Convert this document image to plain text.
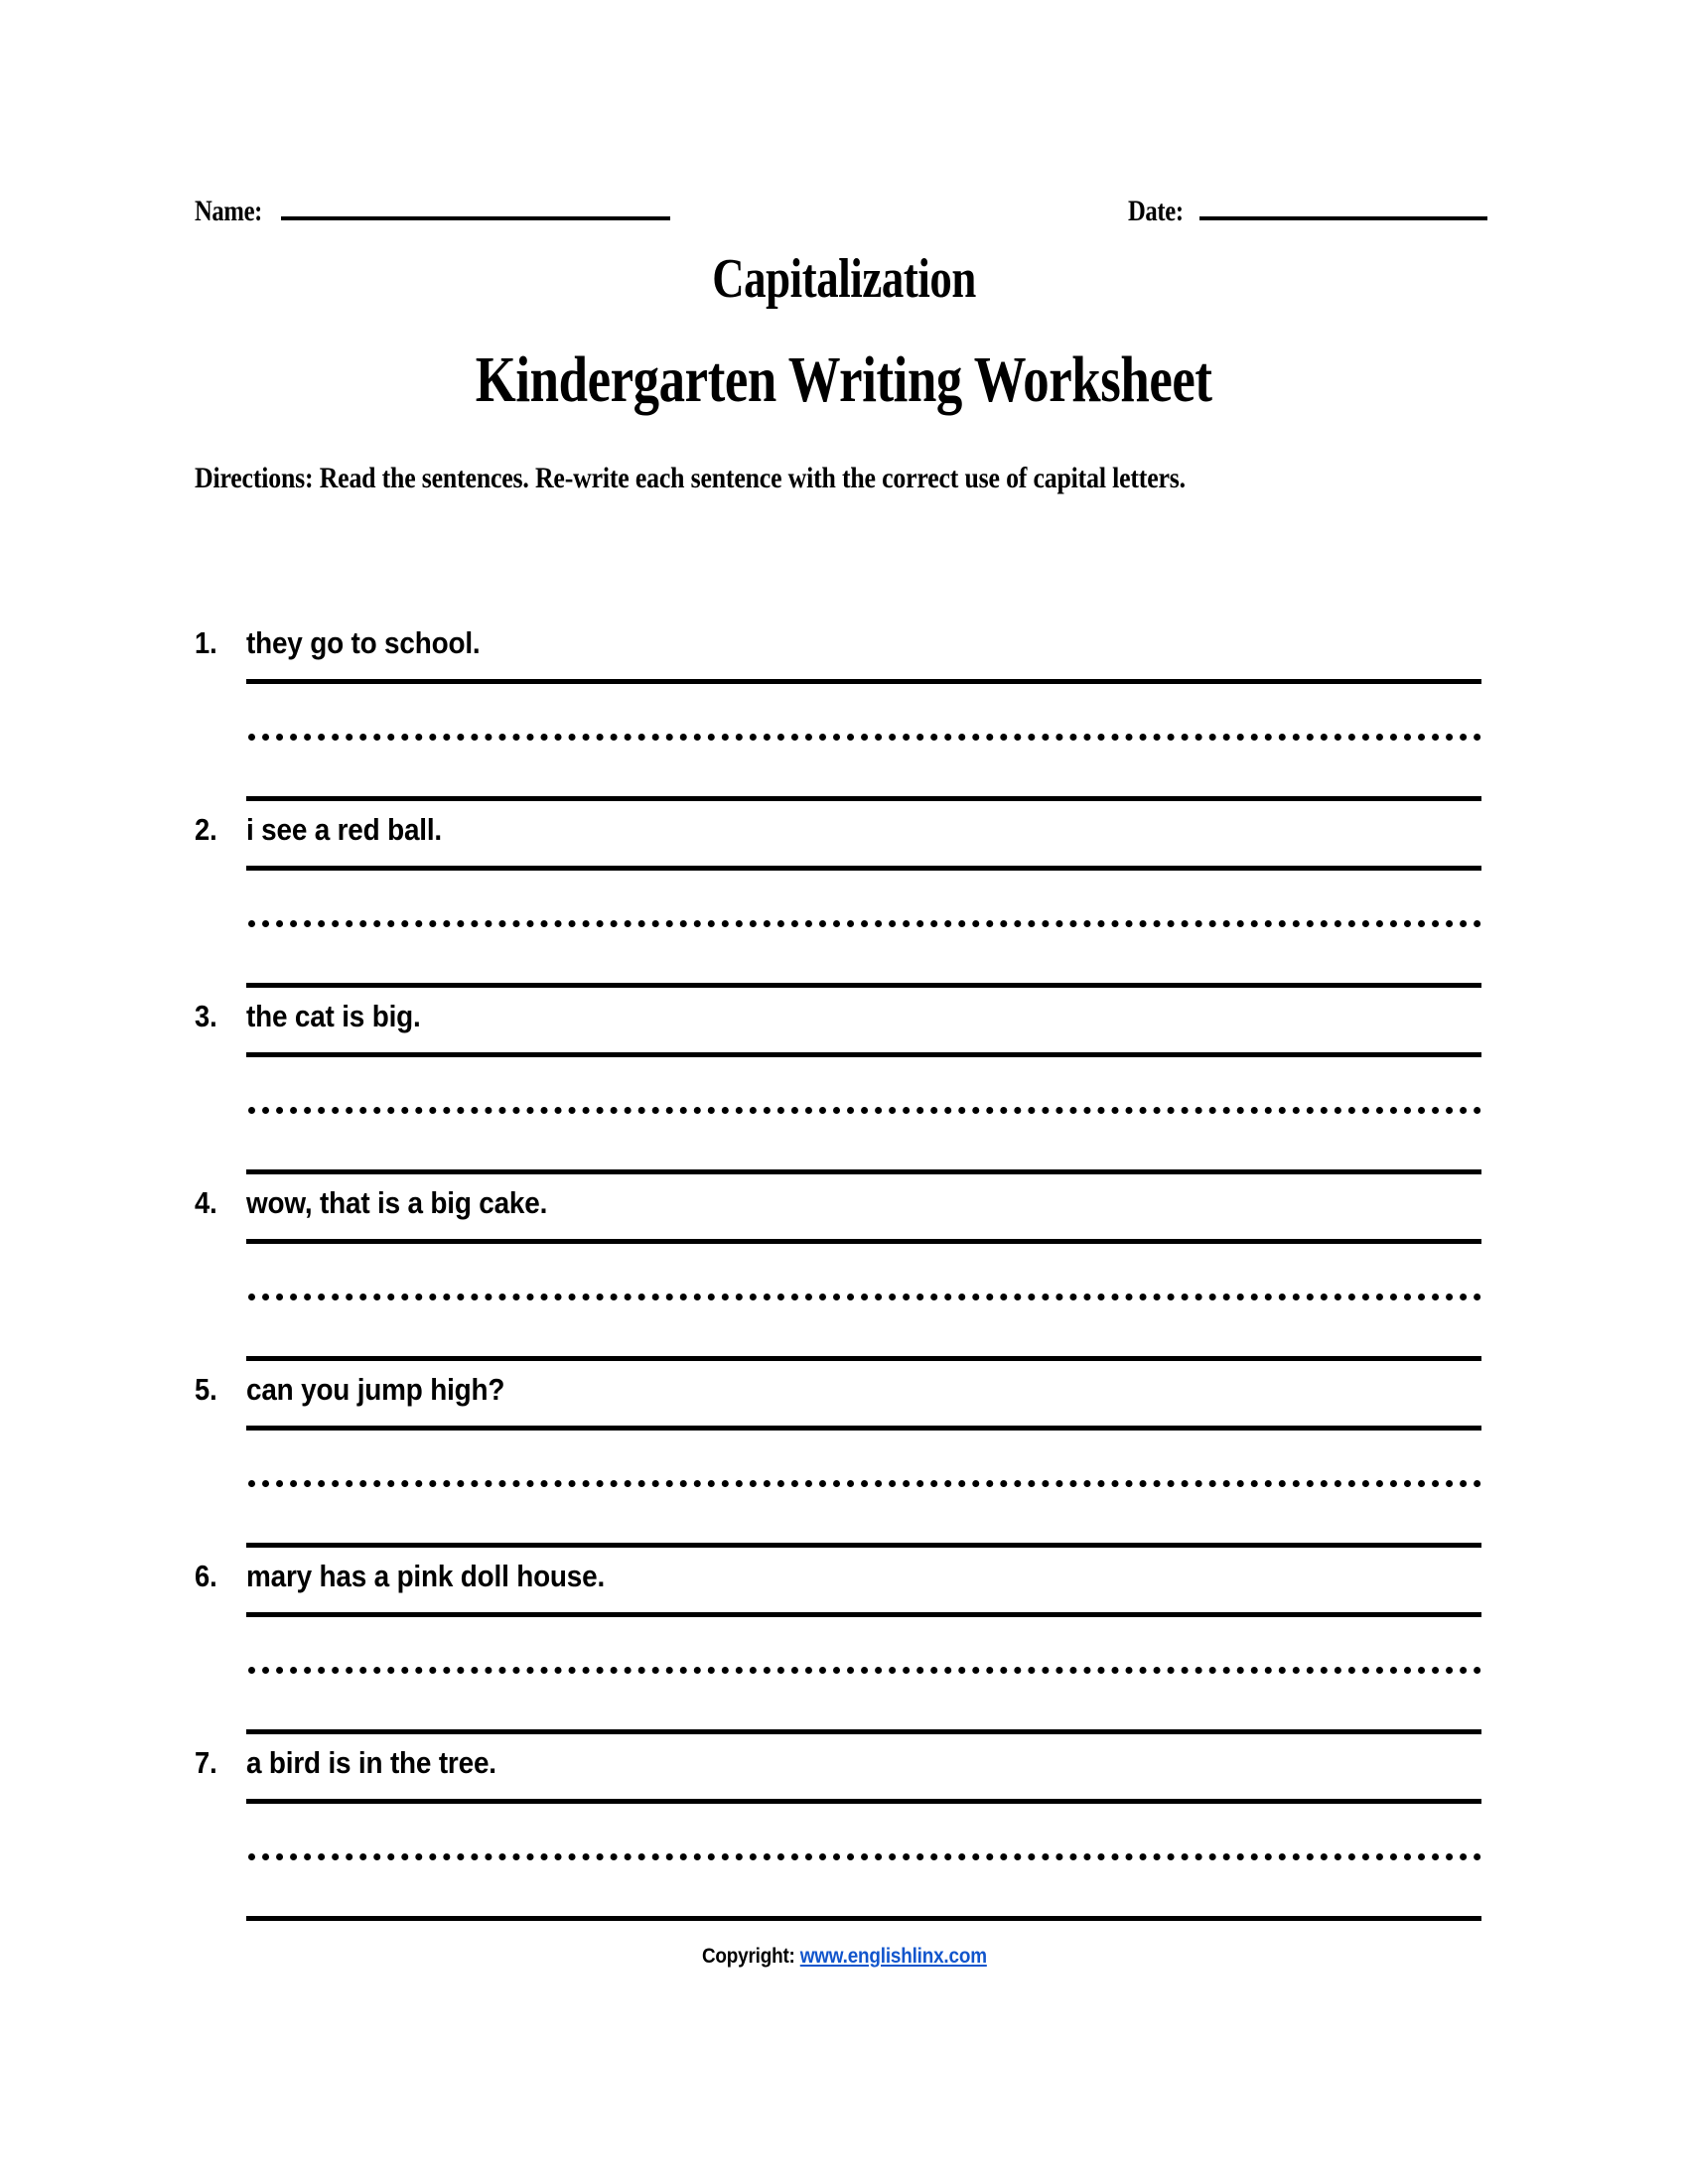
Name:	Date:
Capitalization
Kindergarten Writing Worksheet
Directions: Read the sentences. Re-write each sentence with the correct use of capital letters.
1. they go to school.
2. i see a red ball.
3. the cat is big.
4. wow, that is a big cake.
5. can you jump high?
6. mary has a pink doll house.
7. a bird is in the tree.
Copyright: www.englishlinx.com
